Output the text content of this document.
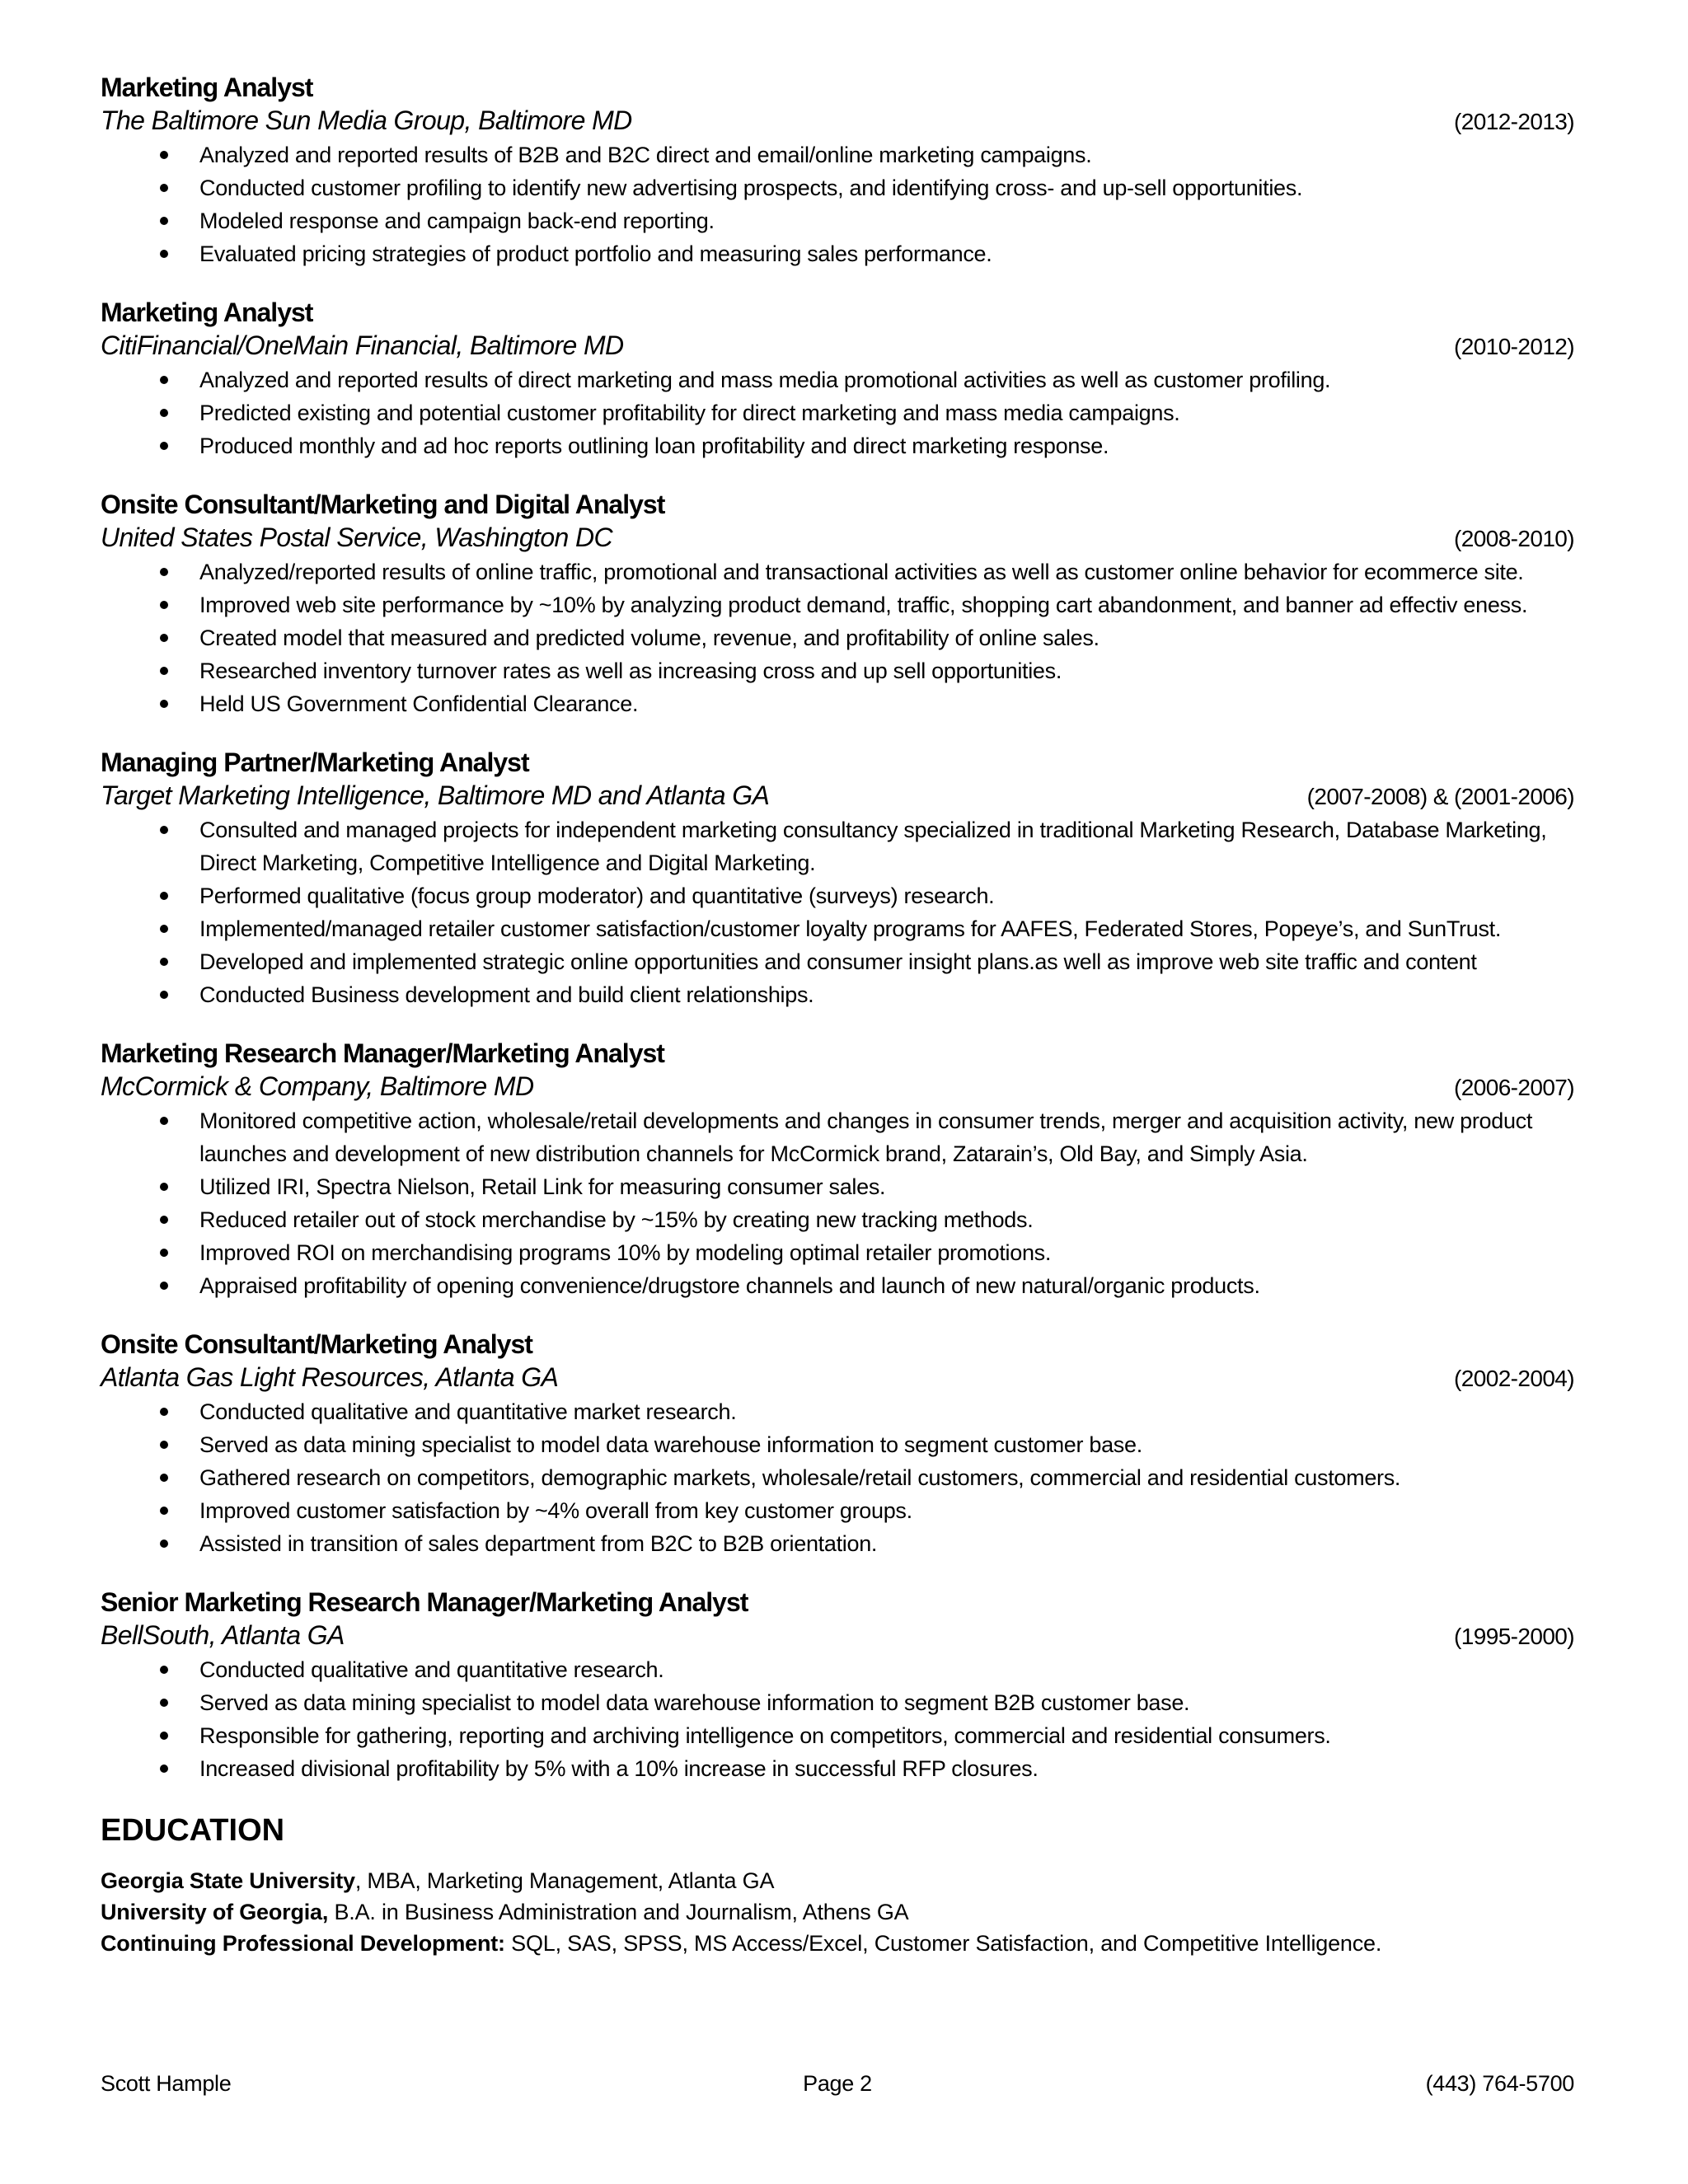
Marketing Analyst
The Baltimore Sun Media Group, Baltimore MD	(2012-2013)
Analyzed and reported results of B2B and B2C direct and email/online marketing campaigns.
Conducted customer profiling to identify new advertising prospects, and identifying cross- and up-sell opportunities.
Modeled response and campaign back-end reporting.
Evaluated pricing strategies of product portfolio and measuring sales performance.
Marketing Analyst
CitiFinancial/OneMain Financial, Baltimore MD	(2010-2012)
Analyzed and reported results of direct marketing and mass media promotional activities as well as customer profiling.
Predicted existing and potential customer profitability for direct marketing and mass media campaigns.
Produced monthly and ad hoc reports outlining loan profitability and direct marketing response.
Onsite Consultant/Marketing and Digital Analyst
United States Postal Service, Washington DC	(2008-2010)
Analyzed/reported results of online traffic, promotional and transactional activities as well as customer online behavior for ecommerce site.
Improved web site performance by ~10% by analyzing product demand, traffic, shopping cart abandonment, and banner ad effectiv eness.
Created model that measured and predicted volume, revenue, and profitability of online sales.
Researched inventory turnover rates as well as increasing cross and up sell opportunities.
Held US Government Confidential Clearance.
Managing Partner/Marketing Analyst
Target Marketing Intelligence, Baltimore MD and Atlanta GA	(2007-2008) & (2001-2006)
Consulted and managed projects for independent marketing consultancy specialized in traditional Marketing Research, Database Marketing, Direct Marketing, Competitive Intelligence and Digital Marketing.
Performed qualitative (focus group moderator) and quantitative (surveys) research.
Implemented/managed retailer customer satisfaction/customer loyalty programs for AAFES, Federated Stores, Popeye’s, and SunTrust.
Developed and implemented strategic online opportunities and consumer insight plans.as well as improve web site traffic and content
Conducted Business development and build client relationships.
Marketing Research Manager/Marketing Analyst
McCormick & Company, Baltimore MD	(2006-2007)
Monitored competitive action, wholesale/retail developments and changes in consumer trends, merger and acquisition activity, new product launches and development of new distribution channels for McCormick brand, Zatarain’s, Old Bay, and Simply Asia.
Utilized IRI, Spectra Nielson, Retail Link for measuring consumer sales.
Reduced retailer out of stock merchandise by ~15% by creating new tracking methods.
Improved ROI on merchandising programs 10% by modeling optimal retailer promotions.
Appraised profitability of opening convenience/drugstore channels and launch of new natural/organic products.
Onsite Consultant/Marketing Analyst
Atlanta Gas Light Resources, Atlanta GA	(2002-2004)
Conducted qualitative and quantitative market research.
Served as data mining specialist to model data warehouse information to segment customer base.
Gathered research on competitors, demographic markets, wholesale/retail customers, commercial and residential customers.
Improved customer satisfaction by ~4% overall from key customer groups.
Assisted in transition of sales department from B2C to B2B orientation.
Senior Marketing Research Manager/Marketing Analyst
BellSouth, Atlanta GA	(1995-2000)
Conducted qualitative and quantitative research.
Served as data mining specialist to model data warehouse information to segment B2B customer base.
Responsible for gathering, reporting and archiving intelligence on competitors, commercial and residential consumers.
Increased divisional profitability by 5% with a 10% increase in successful RFP closures.
EDUCATION
Georgia State University, MBA, Marketing Management, Atlanta GA
University of Georgia, B.A. in Business Administration and Journalism, Athens GA
Continuing Professional Development: SQL, SAS, SPSS, MS Access/Excel, Customer Satisfaction, and Competitive Intelligence.
Scott Hample	Page 2	(443) 764-5700
